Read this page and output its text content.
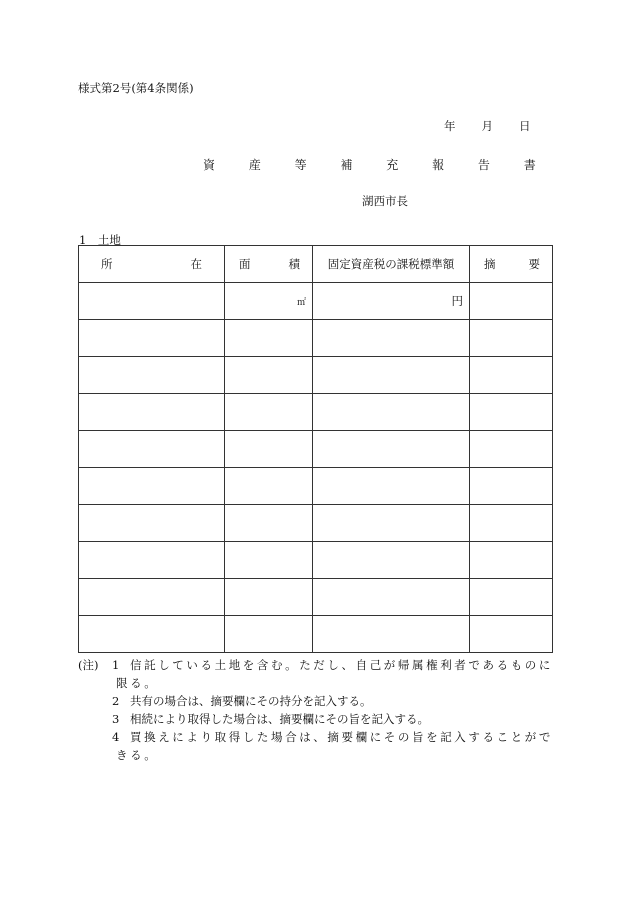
様式第2号(第4条関係)
年 月 日
資 産 等 補 充 報 告 書
湖西市長
1　土地
所 在	面 積	固定資産税の課税標準額	摘 要

	㎡	円	

(注)	1 信託している土地を含む。ただし、自己が帰属権利者であるものに
限る。
2 共有の場合は、摘要欄にその持分を記入する。
3 相続により取得した場合は、摘要欄にその旨を記入する。
4 買換えにより取得した場合は、摘要欄にその旨を記入することがで
きる。
